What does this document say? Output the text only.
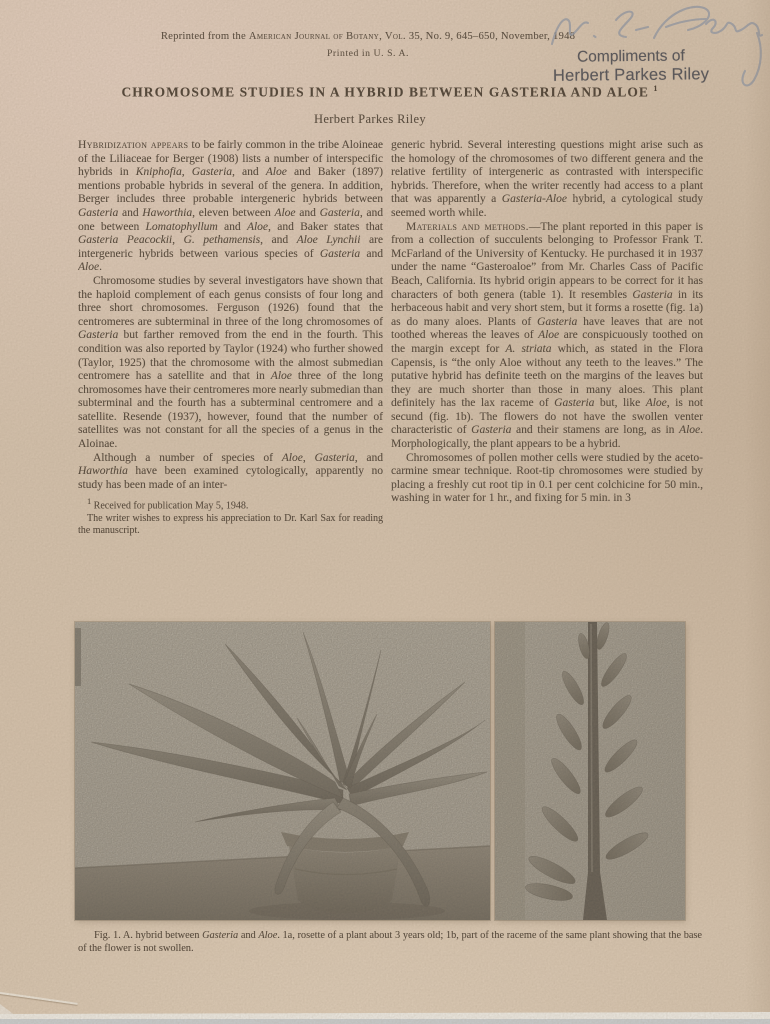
Reprinted from the American Journal of Botany, Vol. 35, No. 9, 645–650, November, 1948
Printed in U. S. A.	Compliments of
Herbert Parkes Riley
CHROMOSOME STUDIES IN A HYBRID BETWEEN GASTERIA AND ALOE $^1$
Herbert Parkes Riley

Hybridization appears to be fairly common in the tribe Aloineae of the Liliaceae for Berger (1908) lists a number of interspecific hybrids in Kniphofia, Gasteria, and Aloe and Baker (1897) mentions probable hybrids in several of the genera. In addition, Berger includes three probable intergeneric hybrids between Gasteria and Haworthia, eleven between Aloe and Gasteria, and one between Lomatophyllum and Aloe, and Baker states that Gasteria Peacockii, G. pethamensis, and Aloe Lynchii are intergeneric hybrids between various species of Gasteria and Aloe.

Chromosome studies by several investigators have shown that the haploid complement of each genus consists of four long and three short chromosomes. Ferguson (1926) found that the centromeres are subterminal in three of the long chromosomes of Gasteria but farther removed from the end in the fourth. This condition was also reported by Taylor (1924) who further showed (Taylor, 1925) that the chromosome with the almost submedian centromere has a satellite and that in Aloe three of the long chromosomes have their centromeres more nearly submedian than subterminal and the fourth has a subterminal centromere and a satellite. Resende (1937), however, found that the number of satellites was not constant for all the species of a genus in the Aloinae.

Although a number of species of Aloe, Gasteria, and Haworthia have been examined cytologically, apparently no study has been made of an inter-

$^1$ Received for publication May 5, 1948.

The writer wishes to express his appreciation to Dr. Karl Sax for reading the manuscript.

generic hybrid. Several interesting questions might arise such as the homology of the chromosomes of two different genera and the relative fertility of intergeneric as contrasted with interspecific hybrids. Therefore, when the writer recently had access to a plant that was apparently a Gasteria-Aloe hybrid, a cytological study seemed worth while.

Materials and methods.—The plant reported in this paper is from a collection of succulents belonging to Professor Frank T. McFarland of the University of Kentucky. He purchased it in 1937 under the name “Gasteroaloe” from Mr. Charles Cass of Pacific Beach, California. Its hybrid origin appears to be correct for it has characters of both genera (table 1). It resembles Gasteria in its herbaceous habit and very short stem, but it forms a rosette (fig. 1a) as do many aloes. Plants of Gasteria have leaves that are not toothed whereas the leaves of Aloe are conspicuously toothed on the margin except for A. striata which, as stated in the Flora Capensis, is “the only Aloe without any teeth to the leaves.” The putative hybrid has definite teeth on the margins of the leaves but they are much shorter than those in many aloes. This plant definitely has the lax raceme of Gasteria but, like Aloe, is not secund (fig. 1b). The flowers do not have the swollen venter characteristic of Gasteria and their stamens are long, as in Aloe. Morphologically, the plant appears to be a hybrid.

Chromosomes of pollen mother cells were studied by the aceto-carmine smear technique. Root-tip chromosomes were studied by placing a freshly cut root tip in 0.1 per cent colchicine for 50 min., washing in water for 1 hr., and fixing for 5 min. in 3

Fig. 1. A. hybrid between Gasteria and Aloe. 1a, rosette of a plant about 3 years old; 1b, part of the raceme of the same plant showing that the base of the flower is not swollen.
